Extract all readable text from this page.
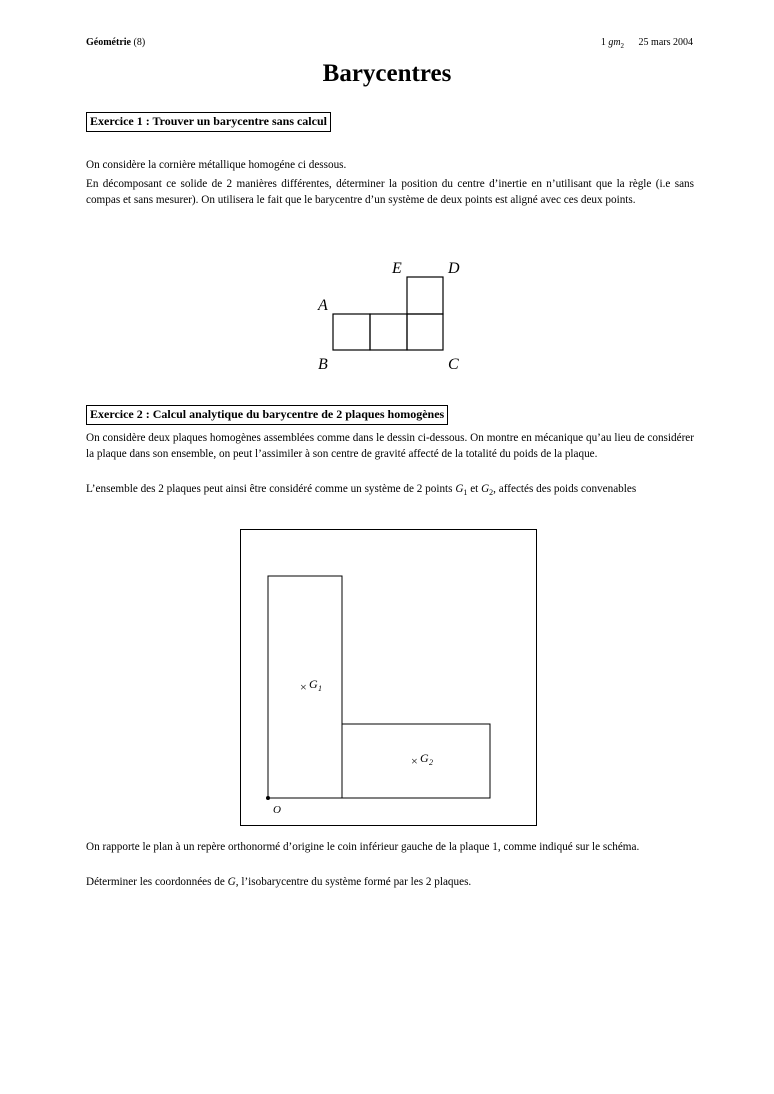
Géométrie (8)	1 $gm_2$ 25 mars 2004
Barycentres
Exercice 1 : Trouver un barycentre sans calcul
On considère la cornière métallique homogéne ci dessous.
En décomposant ce solide de 2 manières différentes, déterminer la position du centre d’inertie en n’utilisant que la règle (i.e sans compas et sans mesurer). On utilisera le fait que le barycentre d’un système de deux points est aligné avec ces deux points.
A
B	C
D
E
Exercice 2 : Calcul analytique du barycentre de 2 plaques homogènes
On considère deux plaques homogènes assemblées comme dans le dessin ci-dessous. On montre en mécanique qu’au lieu de considérer la plaque dans son ensemble, on peut l’assimiler à son centre de gravité affecté de la totalité du poids de la plaque.
L’ensemble des 2 plaques peut ainsi être considéré comme un système de 2 points $G_1$ et $G_2$, affectés des poids convenables
O
× G 1
× G 2
On rapporte le plan à un repère orthonormé d’origine le coin inférieur gauche de la plaque 1, comme indiqué sur le schéma.
Déterminer les coordonnées de G, l’isobarycentre du système formé par les 2 plaques.
